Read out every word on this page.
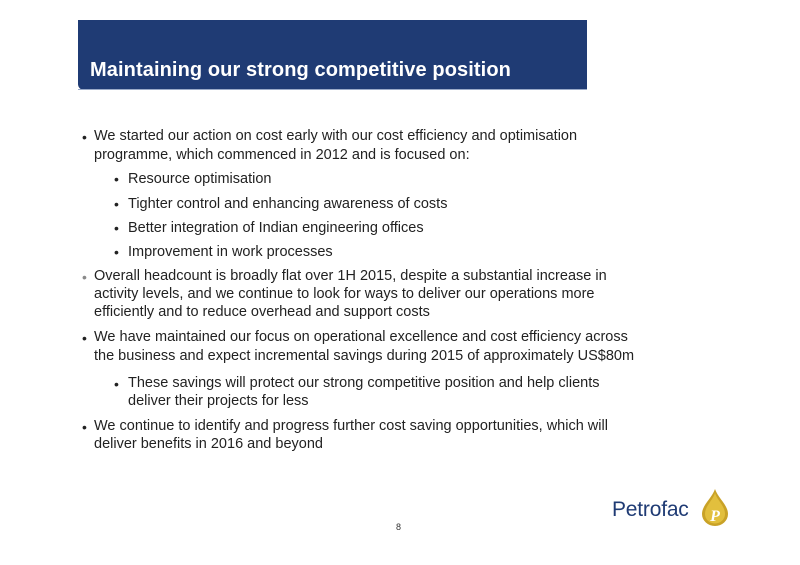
Maintaining our strong competitive position
• We started our action on cost early with our cost efficiency and optimisation
programme, which commenced in 2012 and is focused on:
• Resource optimisation
• Tighter control and enhancing awareness of costs
• Better integration of Indian engineering offices
• Improvement in work processes
• Overall headcount is broadly flat over 1H 2015, despite a substantial increase in
activity levels, and we continue to look for ways to deliver our operations more
efficiently and to reduce overhead and support costs
• We have maintained our focus on operational excellence and cost efficiency across
the business and expect incremental savings during 2015 of approximately US$80m
• These savings will protect our strong competitive position and help clients
deliver their projects for less
• We continue to identify and progress further cost saving opportunities, which will
deliver benefits in 2016 and beyond
8
Petrofac P
